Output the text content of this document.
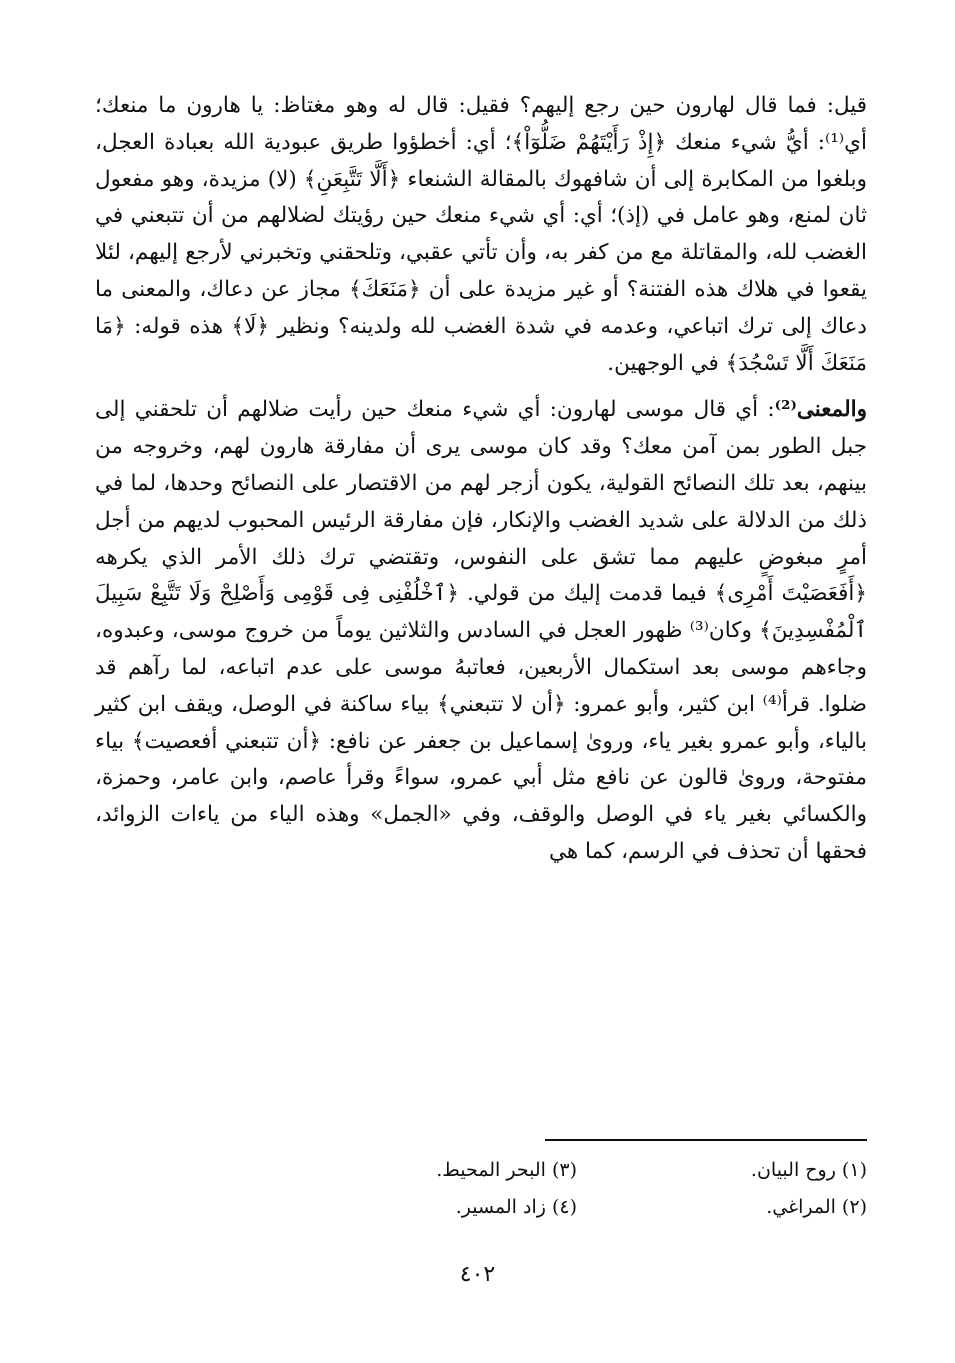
قيل: فما قال لهارون حين رجع إليهم؟ فقيل: قال له وهو مغتاظ: يا هارون ما منعك؛ أي⁽¹⁾: أيُّ شيء منعك ﴿إِذْ رَأَيْتَهُمْ ضَلُّوٓاْ﴾؛ أي: أخطؤوا طريق عبودية الله بعبادة العجل، وبلغوا من المكابرة إلى أن شافهوك بالمقالة الشنعاء ﴿أَلَّا تَتَّبِعَنِ﴾ (لا) مزيدة، وهو مفعول ثان لمنع، وهو عامل في (إذ)؛ أي: أي شيء منعك حين رؤيتك لضلالهم من أن تتبعني في الغضب لله، والمقاتلة مع من كفر به، وأن تأتي عقبي، وتلحقني وتخبرني لأرجع إليهم، لئلا يقعوا في هلاك هذه الفتنة؟ أو غير مزيدة على أن ﴿مَنَعَكَ﴾ مجاز عن دعاك، والمعنى ما دعاك إلى ترك اتباعي، وعدمه في شدة الغضب لله ولدينه؟ ونظير ﴿لَا﴾ هذه قوله: ﴿مَا مَنَعَكَ أَلَّا تَسْجُدَ﴾ في الوجهين.

والمعنى⁽²⁾: أي قال موسى لهارون: أي شيء منعك حين رأيت ضلالهم أن تلحقني إلى جبل الطور بمن آمن معك؟ وقد كان موسى يرى أن مفارقة هارون لهم، وخروجه من بينهم، بعد تلك النصائح القولية، يكون أزجر لهم من الاقتصار على النصائح وحدها، لما في ذلك من الدلالة على شديد الغضب والإنكار، فإن مفارقة الرئيس المحبوب لديهم من أجل أمرٍ مبغوضٍ عليهم مما تشق على النفوس، وتقتضي ترك ذلك الأمر الذي يكرهه ﴿أَفَعَصَيْتَ أَمْرِى﴾ فيما قدمت إليك من قولي. ﴿ٱخْلُفْنِى فِى قَوْمِى وَأَصْلِحْ وَلَا تَتَّبِعْ سَبِيلَ ٱلْمُفْسِدِينَ﴾ وكان⁽³⁾ ظهور العجل في السادس والثلاثين يوماً من خروج موسى، وعبدوه، وجاءهم موسى بعد استكمال الأربعين، فعاتبهُ موسى على عدم اتباعه، لما رآهم قد ضلوا. قرأ⁽⁴⁾ ابن كثير، وأبو عمرو: ﴿أن لا تتبعني﴾ بياء ساكنة في الوصل، ويقف ابن كثير بالياء، وأبو عمرو بغير ياء، وروىٰ إسماعيل بن جعفر عن نافع: ﴿أن تتبعني أفعصيت﴾ بياء مفتوحة، وروىٰ قالون عن نافع مثل أبي عمرو، سواءً وقرأ عاصم، وابن عامر، وحمزة، والكسائي بغير ياء في الوصل والوقف، وفي «الجمل» وهذه الياء من ياءات الزوائد، فحقها أن تحذف في الرسم، كما هي

(١) روح البيان.
(٣) البحر المحيط.
(٢) المراغي.
(٤) زاد المسير.
٤٠٢
